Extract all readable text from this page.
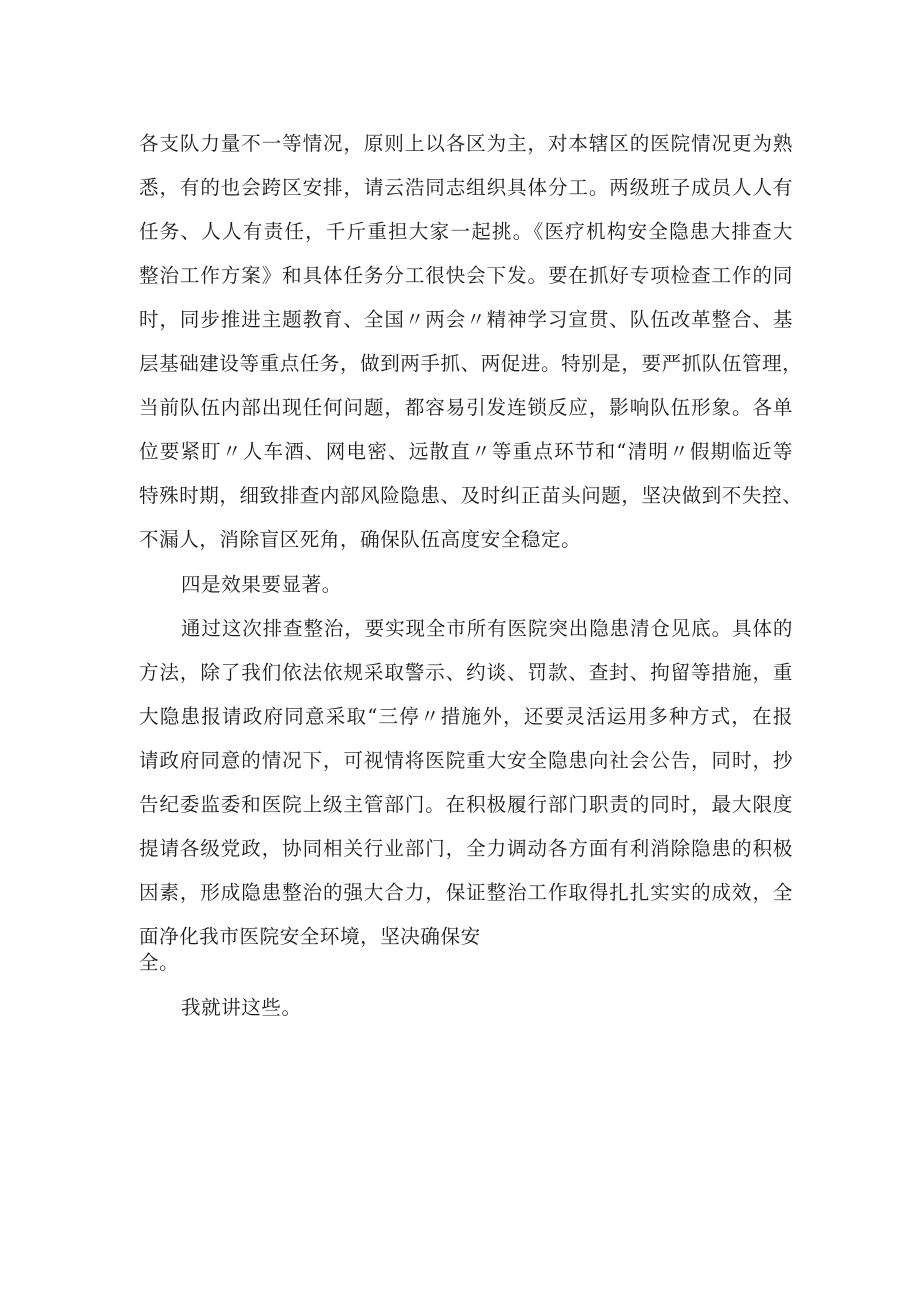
各支队力量不一等情况，原则上以各区为主，对本辖区的医院情况更为熟
悉，有的也会跨区安排，请云浩同志组织具体分工。两级班子成员人人有
任务、人人有责任，千斤重担大家一起挑。《医疗机构安全隐患大排查大
整治工作方案》和具体任务分工很快会下发。要在抓好专项检查工作的同
时，同步推进主题教育、全国〃两会〃精神学习宣贯、队伍改革整合、基
层基础建设等重点任务，做到两手抓、两促进。特别是，要严抓队伍管理，
当前队伍内部出现任何问题，都容易引发连锁反应，影响队伍形象。各单
位要紧盯〃人车酒、网电密、远散直〃等重点环节和“清明〃假期临近等
特殊时期，细致排查内部风险隐患、及时纠正苗头问题，坚决做到不失控、
不漏人，消除盲区死角，确保队伍高度安全稳定。
四是效果要显著。
通过这次排查整治，要实现全市所有医院突出隐患清仓见底。具体的
方法，除了我们依法依规采取警示、约谈、罚款、查封、拘留等措施，重
大隐患报请政府同意采取“三停〃措施外，还要灵活运用多种方式，在报
请政府同意的情况下，可视情将医院重大安全隐患向社会公告，同时，抄
告纪委监委和医院上级主管部门。在积极履行部门职责的同时，最大限度
提请各级党政，协同相关行业部门，全力调动各方面有利消除隐患的积极
因素，形成隐患整治的强大合力，保证整治工作取得扎扎实实的成效，全
面净化我市医院安全环境，坚决确保安
全。
我就讲这些。
